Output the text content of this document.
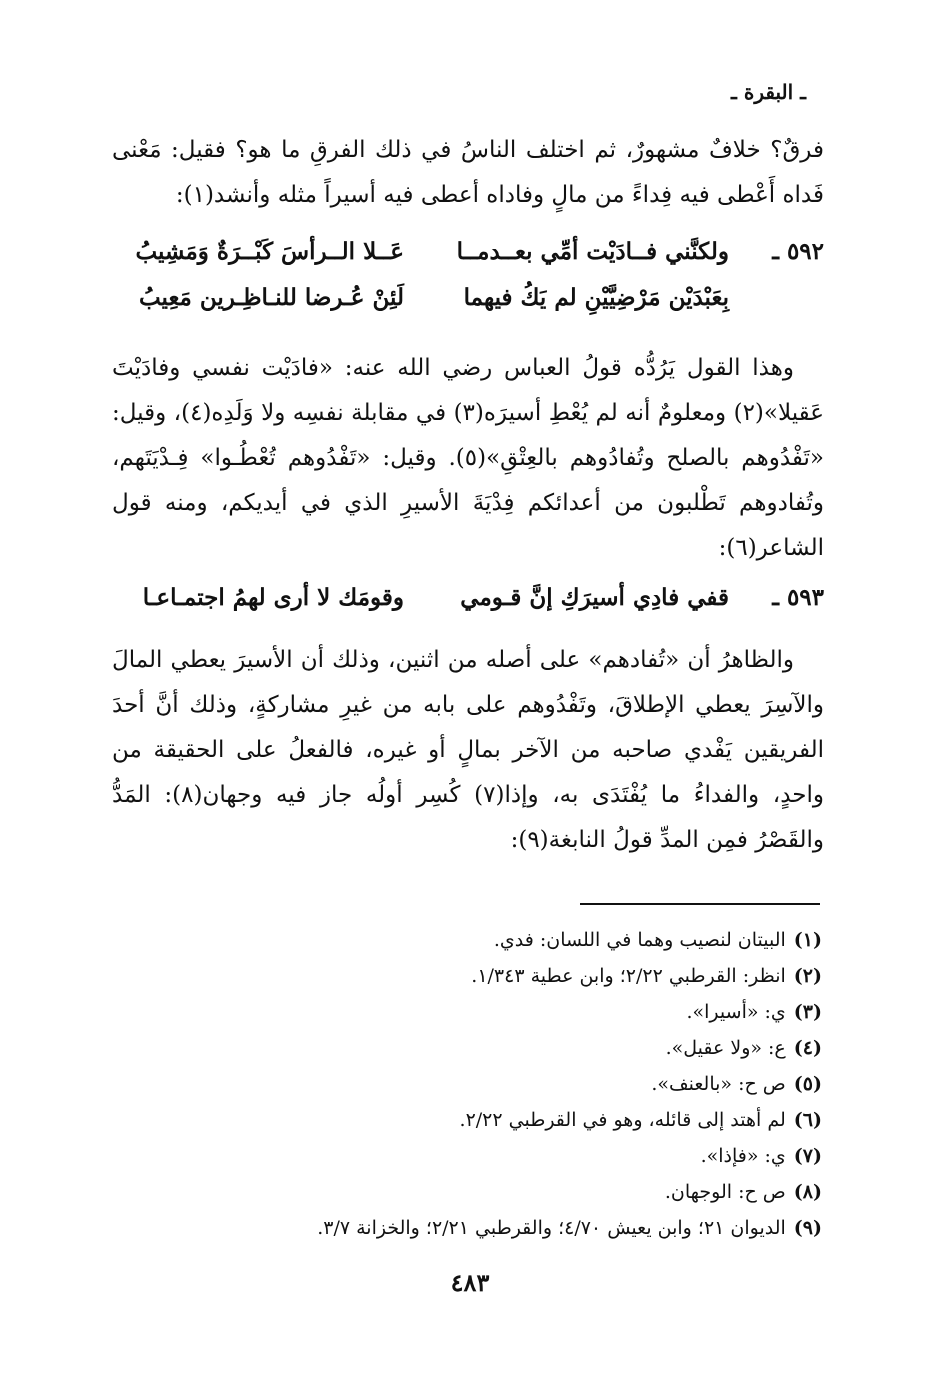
ـ البقرة ـ

فرقٌ؟ خلافٌ مشهورٌ، ثم اختلف الناسُ في ذلك الفرقِ ما هو؟ فقيل: مَعْنى فَداه أَعْطى فيه فِداءً من مالٍ وفاداه أعطى فيه أسيراً مثله وأنشد(١):

٥٩٢ ـ
ولكنَّني فــادَيْت أمِّي بعــدمــا
عَــلا الــرأسَ كَبْــرَةٌ وَمَشِيبُ
بِعَبْدَيْن مَرْضِيَّيْنِ لم يَكُ فيهما
لَئِنْ عُـرضا للنـاظِـرين مَعِيبُ

وهذا القول يَرُدُّه قولُ العباس رضي الله عنه: «فادَيْت نفسي وفادَيْتَ عَقيلا»(٢) ومعلومٌ أنه لم يُعْطِ أسيرَه(٣) في مقابلة نفسِه ولا وَلَدِه(٤)، وقيل: «تَفْدُوهم بالصلح وتُفادُوهم بالعِتْقِ»(٥). وقيل: «تَفْدُوهم تُعْطُـوا» فِـدْيَتَهم، وتُفادوهم تَطْلبون من أعدائكم فِدْيَةَ الأسيرِ الذي في أيديكم، ومنه قول الشاعر(٦):

٥٩٣ ـ
قفي فادِي أسيرَكِ إنَّ قـومي
وقومَك لا أرى لهمُ اجتمـاعـا

والظاهرُ أن «تُفادهم» على أصله من اثنين، وذلك أن الأسيرَ يعطي المالَ والآسِرَ يعطي الإطلاقَ، وتَفْدُوهم على بابه من غيرِ مشاركةٍ، وذلك أنَّ أحدَ الفريقين يَفْدي صاحبه من الآخر بمالٍ أو غيره، فالفعلُ على الحقيقة من واحدٍ، والفداءُ ما يُفْتَدَى به، وإذا(٧) كُسِر أولُه جاز فيه وجهان(٨): المَدُّ والقَصْرُ فمِن المدِّ قولُ النابغة(٩):

(١)البيتان لنصيب وهما في اللسان: فدي.
(٢)انظر: القرطبي ٢/٢٢؛ وابن عطية ١/٣٤٣.
(٣)ي: «أسيرا».
(٤)ع: «ولا عقيل».
(٥)ص ح: «بالعنف».
(٦)لم أهتد إلى قائله، وهو في القرطبي ٢/٢٢.
(٧)ي: «فإذا».
(٨)ص ح: الوجهان.
(٩)الديوان ٢١؛ وابن يعيش ٤/٧٠؛ والقرطبي ٢/٢١؛ والخزانة ٣/٧.
٤٨٣
